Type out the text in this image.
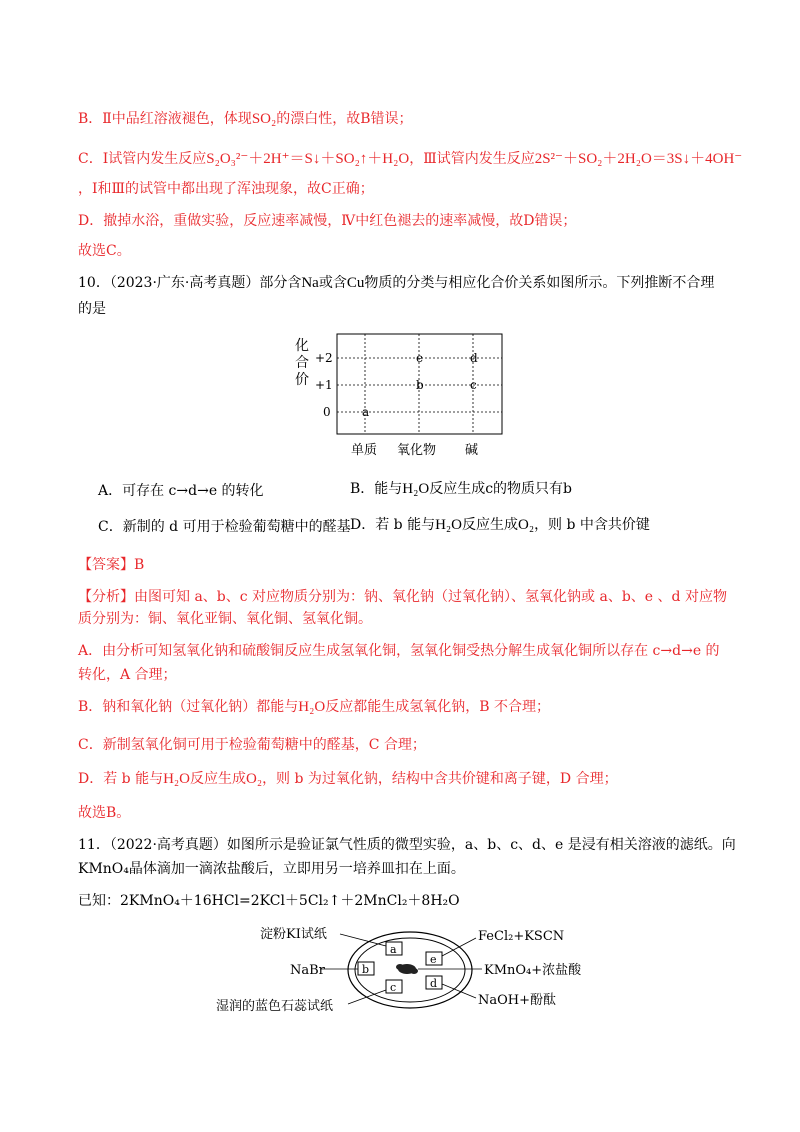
B．Ⅱ中品红溶液褪色，体现SO₂的漂白性，故B错误；
C．Ⅰ试管内发生反应S₂O₃²⁻＋2H⁺＝S↓＋SO₂↑＋H₂O，Ⅲ试管内发生反应2S²⁻＋SO₂＋2H₂O＝3S↓＋4OH⁻
，Ⅰ和Ⅲ的试管中都出现了浑浊现象，故C正确；
D．撤掉水浴，重做实验，反应速率减慢，Ⅳ中红色褪去的速率减慢，故D错误；
故选C。
10．（2023·广东·高考真题）部分含Na或含Cu物质的分类与相应化合价关系如图所示。下列推断不合理
的是
化
合
价
+2
+1
0
单质 氧化物 碱
a
b
e
c
d
A．可存在 c→d→e 的转化	B．能与H₂O反应生成c的物质只有b
C．新制的 d 可用于检验葡萄糖中的醛基 D．若 b 能与H₂O反应生成O₂，则 b 中含共价键
【答案】B
【分析】由图可知 a、b、c 对应物质分别为：钠、氧化钠（过氧化钠）、氢氧化钠或 a、b、e 、d 对应物
质分别为：铜、氧化亚铜、氧化铜、氢氧化铜。
A．由分析可知氢氧化钠和硫酸铜反应生成氢氧化铜，氢氧化铜受热分解生成氧化铜所以存在 c→d→e 的
转化，A 合理；
B．钠和氧化钠（过氧化钠）都能与H₂O反应都能生成氢氧化钠，B 不合理；
C．新制氢氧化铜可用于检验葡萄糖中的醛基，C 合理；
D．若 b 能与H₂O反应生成O₂，则 b 为过氧化钠，结构中含共价键和离子键，D 合理；
故选B。
11．（2022·高考真题）如图所示是验证氯气性质的微型实验，a、b、c、d、e 是浸有相关溶液的滤纸。向
KMnO₄晶体滴加一滴浓盐酸后，立即用另一培养皿扣在上面。
已知：2KMnO₄＋16HCl=2KCl＋5Cl₂↑＋2MnCl₂＋8H₂O
a
b
c	d
e
淀粉KI试纸
NaBr
湿润的蓝色石蕊试纸	NaOH+酚酞
FeCl₂+KSCN
KMnO₄+浓盐酸
